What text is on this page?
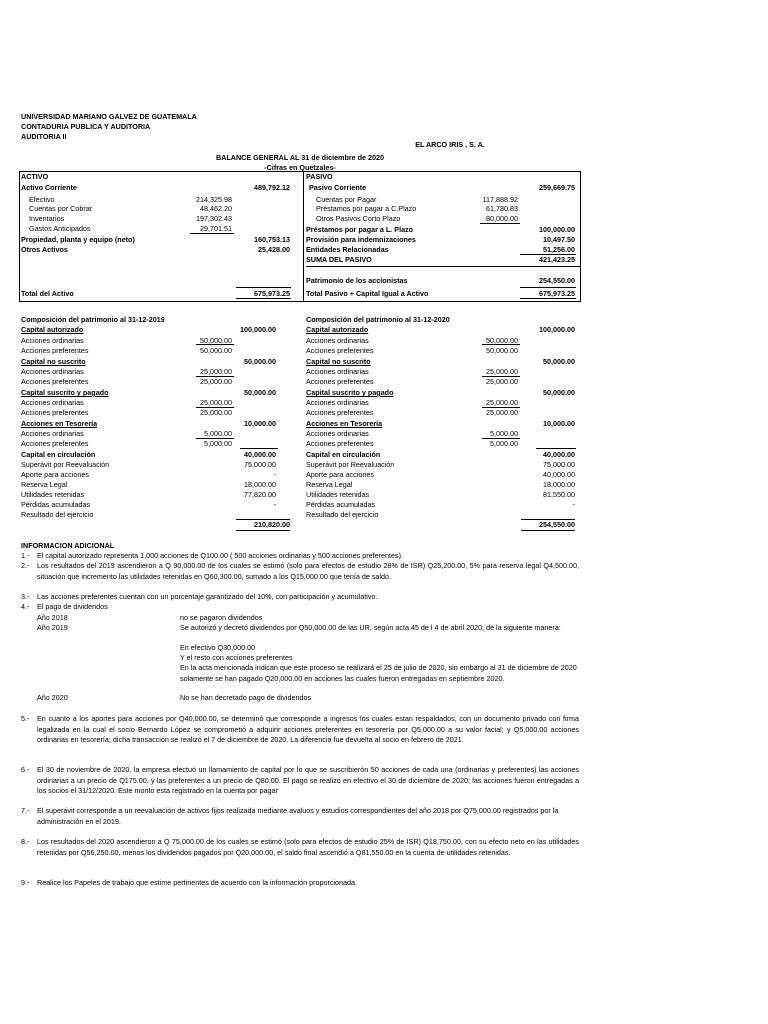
UNIVERSIDAD MARIANO GALVEZ DE GUATEMALA
CONTADURIA PUBLICA Y AUDITORIA
AUDITORIA II
EL ARCO IRIS , S. A.
BALANCE GENERAL AL 31 de diciembre de 2020
-Cifras en Quetzales-
ACTIVO
Activo Corriente	489,792.12
Efectivo	214,325.98
Cuentas por Cobrar	48,462.20
Inventarios	197,302.43
Gastos Anticipados	29,701.51
Propiedad, planta y equipo (neto)	160,753.13
Otros Activos	25,428.00
Total del Activo	675,973.25
PASIVO
Pasivo Corriente	259,669.75
Cuentas por Pagar	117,888.92
Préstamos por pagar a C.Plazo	61,780.83
Otros Pasivos Corto Plazo	80,000.00
Préstamos por pagar a L. Plazo	100,000.00
Provisión para indemnizaciones	10,497.50
Entidades Relacionadas	51,256.00
SUMA DEL PASIVO	421,423.25
Patrimonio de los accionistas	254,550.00
Total Pasivo + Capital Igual a Activo	675,973.25
Composición del patrimonio al 31-12-2019
Capital autorizado	100,000.00
Acciones ordinarias	50,000.00
Acciones preferentes	50,000.00
Capital no suscrito	50,000.00
Acciones ordinarias	25,000.00
Acciones preferentes	25,000.00
Capital suscrito y pagado	50,000.00
Acciones ordinarias	25,000.00
Acciones preferentes	25,000.00
Acciones en Tesorería	10,000.00
Acciones ordinarias	5,000.00
Acciones preferentes	5,000.00
Capital en circulación	40,000.00
Superávit por Reevaluación	75,000.00
Aporte para acciones	-
Reserva Legal	18,000.00
Utilidades retenidas	77,820.00
Pérdidas acumuladas	-
Resultado del ejercicio
210,820.00
Composición del patrimonio al 31-12-2020
Capital autorizado	100,000.00
Acciones ordinarias	50,000.00
Acciones preferentes	50,000.00
Capital no suscrito	50,000.00
Acciones ordinarias	25,000.00
Acciones preferentes	25,000.00
Capital suscrito y pagado	50,000.00
Acciones ordinarias	25,000.00
Acciones preferentes	25,000.00
Acciones en Tesorería	10,000.00
Acciones ordinarias	5,000.00
Acciones preferentes	5,000.00
Capital en circulación	40,000.00
Superávit por Reevaluación	75,000.00
Aporte para acciones	40,000.00
Reserva Legal	18,000.00
Utilidades retenidas	81,550.00
Pérdidas acumuladas	-
Resultado del ejercicio
254,550.00
INFORMACION ADICIONAL
1.- El capital autorizado representa 1,000 acciones de Q100.00 ( 500 acciones ordinarias y 500 acciones preferentes).
2.- Los resultados del 2019 ascendieron a Q 90,000.00 de los cuales se estimó (solo para efectos de estudio 28% de ISR) Q25,200.00, 5% para reserva legal Q4,500.00, situación que incremento las utilidades retenidas en Q60,300.00, sumado a los Q15,000.00 que tenía de saldo.
3.- Las acciones preferentes cuentan con un porcentaje garantizado del 10%, con participación y acumulativo.
4.- El pago de dividendos
Año 2018	no se pagaron dividendos
Año 2019	Se autorizó y decretó dividendos por Q50,000.00 de las UR, según acta 45 de l 4 de abril 2020, de la siguiente manera:
En efectivo Q30,000.00
Y el resto con acciones preferentes
En la acta mencionada indican que este proceso se realizará el 25 de julio de 2020, sin embargo al 31 de diciembre de 2020 solamente se han pagado Q20,000.00 en acciones las cuales fueron entregadas en septiembre 2020.
Año 2020	No se han decretado pago de dividendos
5.- En cuanto a los aportes para acciones por Q40,000.00, se determinó que corresponde a ingresos los cuales estan respaldados, con un documento privado con firma legalizada en la cual el socio Bernardo López se comprometió a adquirir acciones preferentes en tesorería por Q5,000.00 a su valor facial; y Q5,000.00 acciones ordinarias en tesorería; dicha transacción se realizó el 7 de diciembre de 2020. La diferencia fue devuelta al socio en febrero de 2021.
6.- El 30 de noviembre de 2020, la empresa efectuó un llamamiento de capital por lo que se suscribierón 50 acciones de cada una (ordinarias y preferentes) las acciones ordinarias a un precio de Q175.00. y las preferentes a un precio de Q80.00. El pago se realizó en efectivo el 30 de diciembre de 2020; las acciones fueron entregadas a los socios el 31/12/2020. Este monto esta registrado en la cuenta por pagar
7.- El superávit corresponde a un reevaluación de activos fijos realizada mediante avaluos y estudios correspondientes del año 2018 por Q75,000.00 registrados por la administración en el 2019.
8.- Los resultados del 2020 ascendieron a Q 75,000.00 de los cuales se estimó (solo para efectos de estudio 25% de ISR) Q18,750.00, con su efecto neto en las utilidades retenidas por Q56,250.00, menos los dividendos pagados por Q20,000.00, el saldo final ascendió a Q81,550.00 en la cuenta de utilidades retenidas.
9.- Realice los Papeles de trabajo que estime pertinentes de acuerdo con la información proporcionada.
